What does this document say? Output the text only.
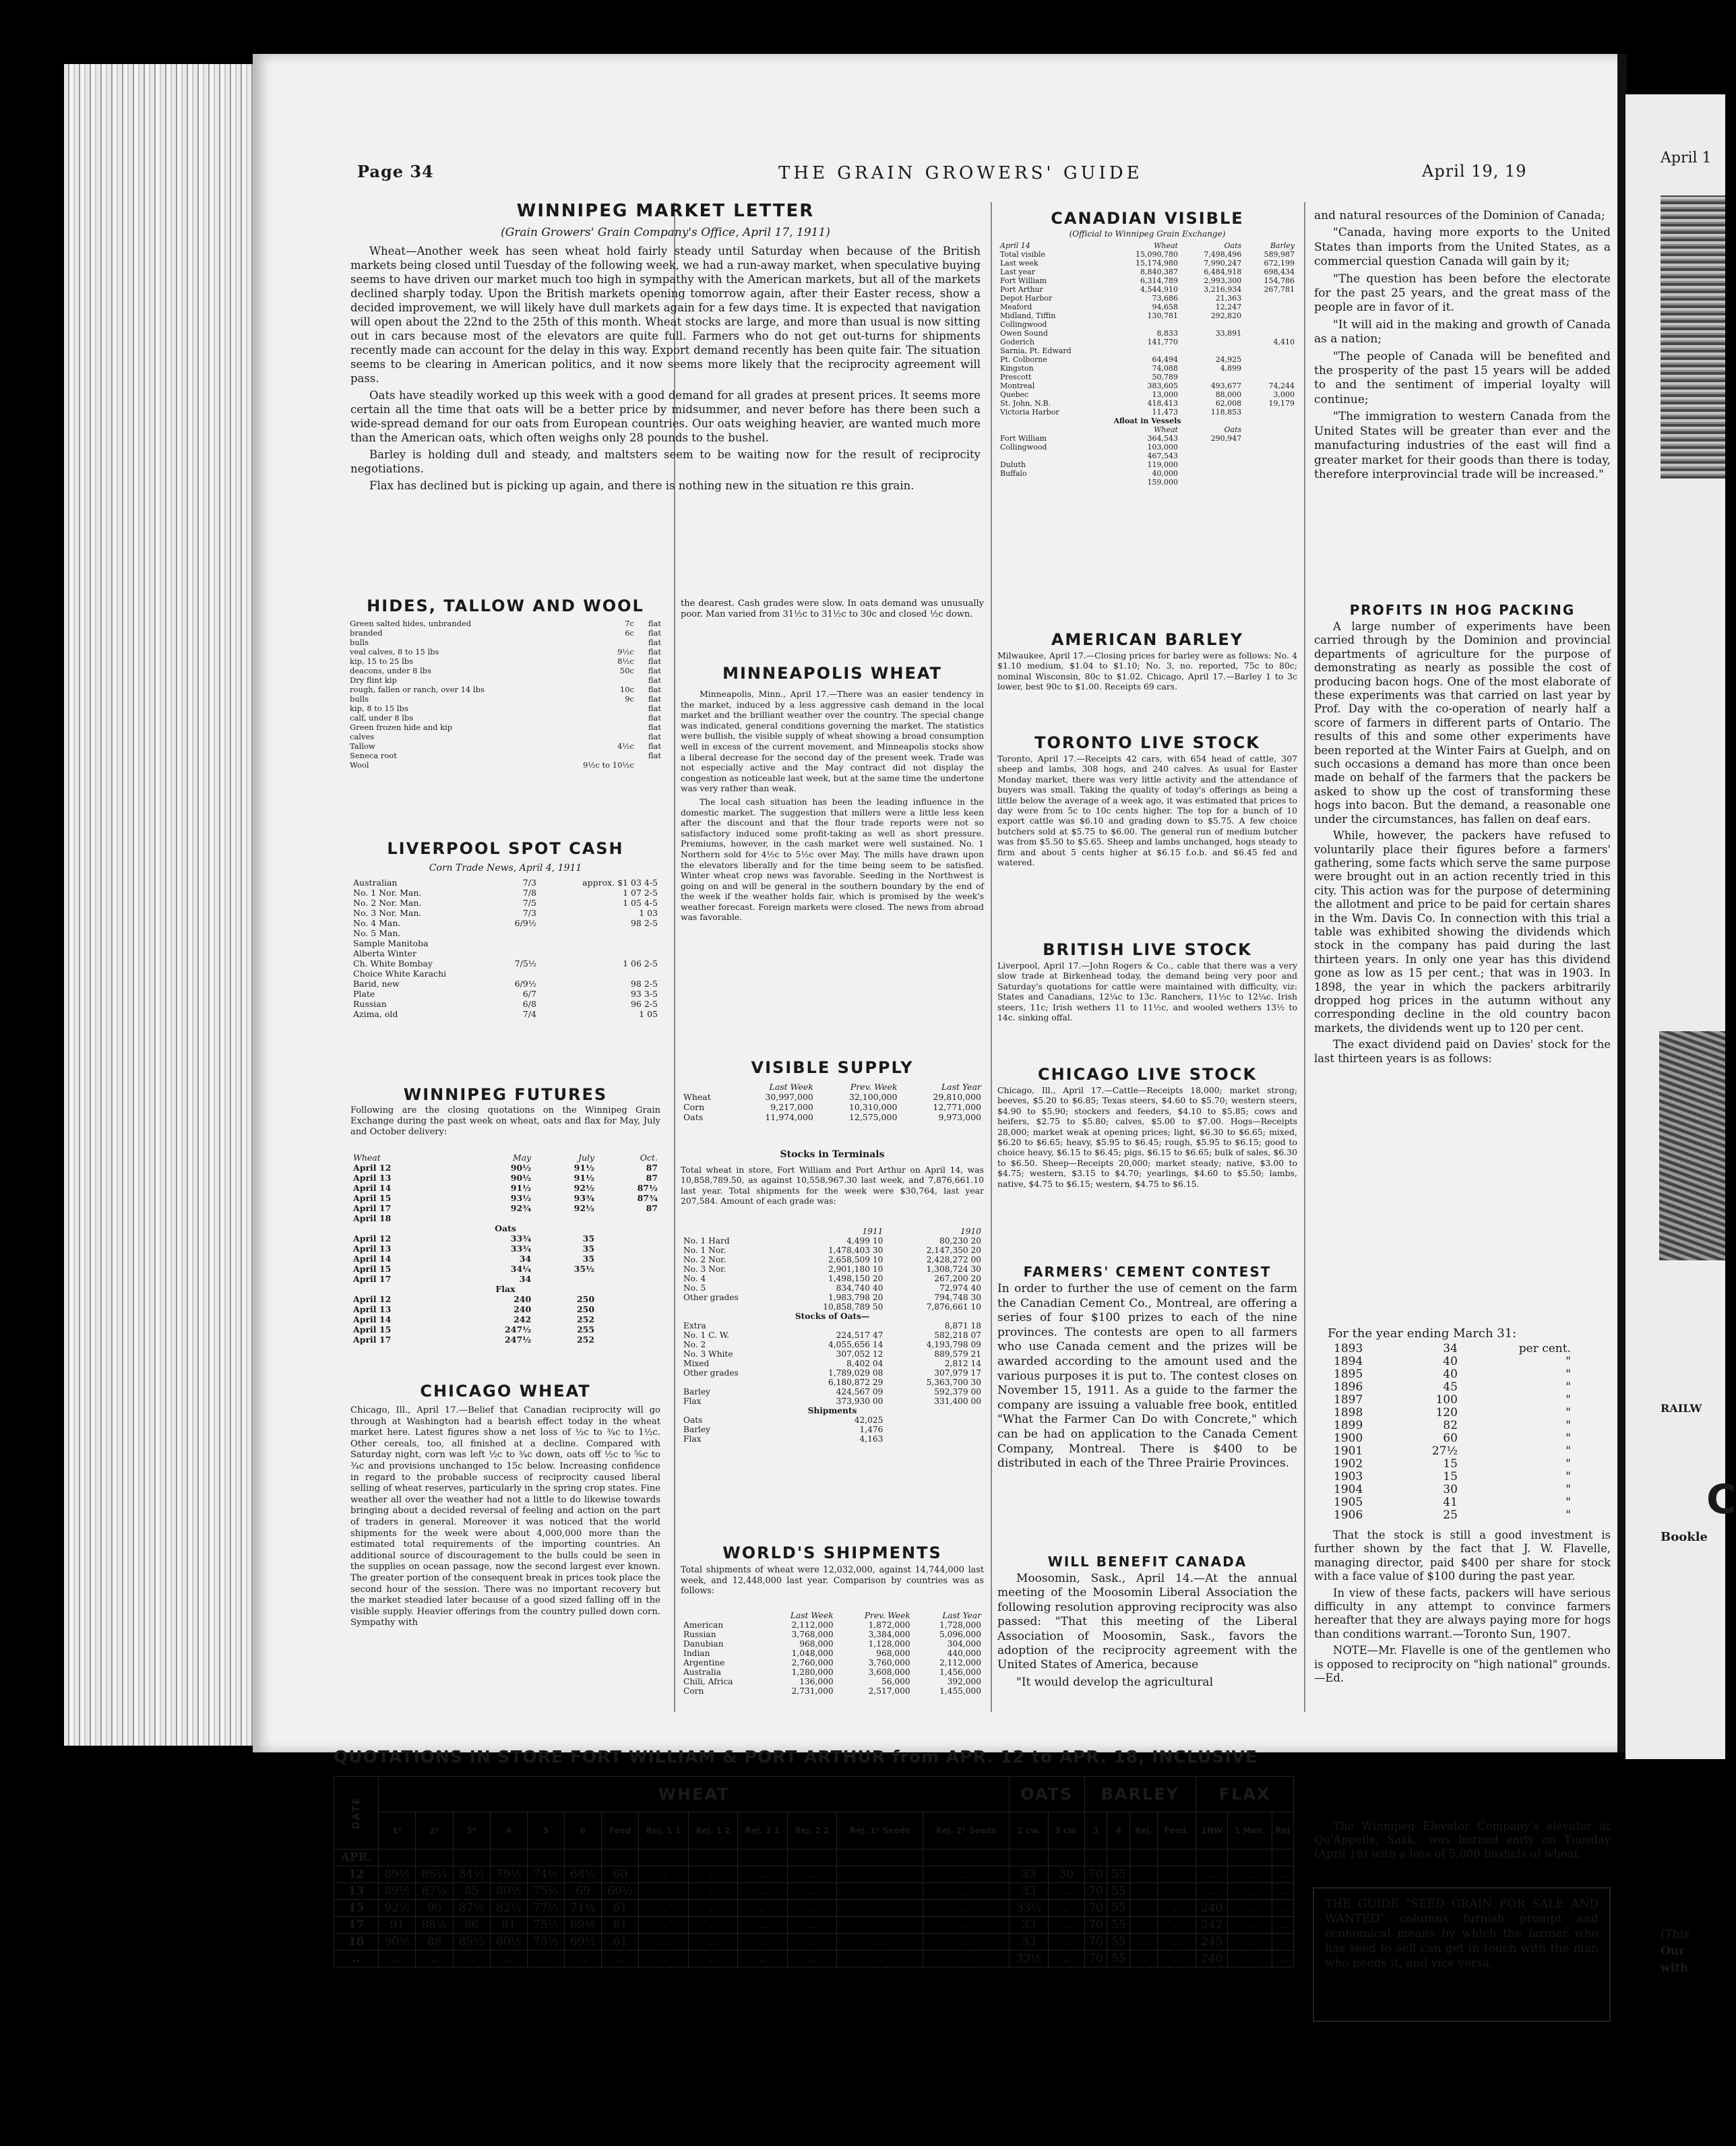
April 1
RAILW
C
Bookle
(This
Our
with
Page 34	THE GRAIN GROWERS' GUIDE	April 19, 19
WINNIPEG MARKET LETTER
(Grain Growers' Grain Company's Office, April 17, 1911)

Wheat—Another week has seen wheat hold fairly steady until Saturday when because of the British markets being closed until Tuesday of the following week, we had a run-away market, when speculative buying seems to have driven our market much too high in sympathy with the American markets, but all of the markets declined sharply today. Upon the British markets opening tomorrow again, after their Easter recess, show a decided improvement, we will likely have dull markets again for a few days time. It is expected that navigation will open about the 22nd to the 25th of this month. Wheat stocks are large, and more than usual is now sitting out in cars because most of the elevators are quite full. Farmers who do not get out-turns for shipments recently made can account for the delay in this way. Export demand recently has been quite fair. The situation seems to be clearing in American politics, and it now seems more likely that the reciprocity agreement will pass.

Oats have steadily worked up this week with a good demand for all grades at present prices. It seems more certain all the time that oats will be a better price by midsummer, and never before has there been such a wide-spread demand for our oats from European countries. Our oats weighing heavier, are wanted much more than the American oats, which often weighs only 28 pounds to the bushel.

Barley is holding dull and steady, and maltsters seem to be waiting now for the result of reciprocity negotiations.

Flax has declined but is picking up again, and there is nothing new in the situation re this grain.

HIDES, TALLOW AND WOOL
Green salted hides, unbranded	7c	flat
branded	6c	flat
bulls		flat
veal calves, 8 to 15 lbs	9½c	flat
kip, 15 to 25 lbs	8½c	flat
deacons, under 8 lbs	50c	flat
Dry flint kip		flat
rough, fallen or ranch, over 14 lbs	10c	flat
bulls	9c	flat
kip, 8 to 15 lbs		flat
calf, under 8 lbs		flat
Green frozen hide and kip		flat
calves		flat
Tallow	4½c	flat
Seneca root		flat
Wool	9½c to 10½c	
LIVERPOOL SPOT CASH
Corn Trade News, April 4, 1911
Australian	7/3	approx. $1 03 4-5
No. 1 Nor. Man.	7/8	1 07 2-5
No. 2 Nor. Man.	7/5	1 05 4-5
No. 3 Nor. Man.	7/3	1 03
No. 4 Man.	6/9½	98 2-5
No. 5 Man.		
Sample Manitoba		
Alberta Winter		
Ch. White Bombay	7/5½	1 06 2-5
Choice White Karachi		
Barid, new	6/9½	98 2-5
Plate	6/7	93 3-5
Russian	6/8	96 2-5
Azima, old	7/4	1 05
WINNIPEG FUTURES
Following are the closing quotations on the Winnipeg Grain Exchange during the past week on wheat, oats and flax for May, July and October delivery:
Wheat	May	July	Oct.
April 12	90½	91½	87
April 13	90½	91½	87
April 14	91½	92½	87½
April 15	93½	93¾	87¾
April 17	92¾	92½	87
April 18			
Oats			
April 12	33¾	35	
April 13	33¾	35	
April 14	34	35	
April 15	34¼	35½	
April 17	34		
Flax			
April 12	240	250	
April 13	240	250	
April 14	242	252	
April 15	247½	255	
April 17	247½	252	
CHICAGO WHEAT
Chicago, Ill., April 17.—Belief that Canadian reciprocity will go through at Washington had a bearish effect today in the wheat market here. Latest figures show a net loss of ½c to ¾c to 1½c. Other cereals, too, all finished at a decline. Compared with Saturday night, corn was left ½c to ¾c down, oats off ½c to ⅝c to ¾c and provisions unchanged to 15c below. Increasing confidence in regard to the probable success of reciprocity caused liberal selling of wheat reserves, particularly in the spring crop states. Fine weather all over the weather had not a little to do likewise towards bringing about a decided reversal of feeling and action on the part of traders in general. Moreover it was noticed that the world shipments for the week were about 4,000,000 more than the estimated total requirements of the importing countries. An additional source of discouragement to the bulls could be seen in the supplies on ocean passage, now the second largest ever known. The greater portion of the consequent break in prices took place the second hour of the session. There was no important recovery but the market steadied later because of a good sized falling off in the visible supply. Heavier offerings from the country pulled down corn. Sympathy with
the dearest. Cash grades were slow. In oats demand was unusually poor. Man varied from 31½c to 31½c to 30c and closed ½c down.
MINNEAPOLIS WHEAT

Minneapolis, Minn., April 17.—There was an easier tendency in the market, induced by a less aggressive cash demand in the local market and the brilliant weather over the country. The special change was indicated, general conditions governing the market. The statistics were bullish, the visible supply of wheat showing a broad consumption well in excess of the current movement, and Minneapolis stocks show a liberal decrease for the second day of the present week. Trade was not especially active and the May contract did not display the congestion as noticeable last week, but at the same time the undertone was very rather than weak.

The local cash situation has been the leading influence in the domestic market. The suggestion that millers were a little less keen after the discount and that the flour trade reports were not so satisfactory induced some profit-taking as well as short pressure. Premiums, however, in the cash market were well sustained. No. 1 Northern sold for 4½c to 5½c over May. The mills have drawn upon the elevators liberally and for the time being seem to be satisfied. Winter wheat crop news was favorable. Seeding in the Northwest is going on and will be general in the southern boundary by the end of the week if the weather holds fair, which is promised by the week's weather forecast. Foreign markets were closed. The news from abroad was favorable.

VISIBLE SUPPLY
	Last Week	Prev. Week	Last Year
Wheat	30,997,000	32,100,000	29,810,000
Corn	9,217,000	10,310,000	12,771,000
Oats	11,974,000	12,575,000	9,973,000
Stocks in Terminals
Total wheat in store, Fort William and Port Arthur on April 14, was 10,858,789.50, as against 10,558,967.30 last week, and 7,876,661.10 last year. Total shipments for the week were $30,764, last year 207,584. Amount of each grade was:
	1911	1910
No. 1 Hard	4,499 10	80,230 20
No. 1 Nor.	1,478,403 30	2,147,350 20
No. 2 Nor.	2,658,509 10	2,428,272 00
No. 3 Nor.	2,901,180 10	1,308,724 30
No. 4	1,498,150 20	267,200 20
No. 5	834,740 40	72,974 40
Other grades	1,983,798 20	794,748 30
	10,858,789 50	7,876,661 10
Stocks of Oats—		
Extra		8,871 18
No. 1 C. W.	224,517 47	582,218 07
No. 2	4,055,656 14	4,193,798 09
No. 3 White	307,052 12	889,579 21
Mixed	8,402 04	2,812 14
Other grades	1,789,029 08	307,979 17
	6,180,872 29	5,363,700 30
Barley	424,567 09	592,379 00
Flax	373,930 00	331,400 00
Shipments		
Oats	42,025	
Barley	1,476	
Flax	4,163	
WORLD'S SHIPMENTS
Total shipments of wheat were 12,032,000, against 14,744,000 last week, and 12,448,000 last year. Comparison by countries was as follows:
	Last Week	Prev. Week	Last Year
American	2,112,000	1,872,000	1,728,000
Russian	3,768,000	3,384,000	5,096,000
Danubian	968,000	1,128,000	304,000
Indian	1,048,000	968,000	440,000
Argentine	2,760,000	3,760,000	2,112,000
Australia	1,280,000	3,608,000	1,456,000
Chili, Africa	136,000	56,000	392,000
Corn	2,731,000	2,517,000	1,455,000
CANADIAN VISIBLE
(Official to Winnipeg Grain Exchange)
April 14	Wheat	Oats	Barley
Total visible	15,090,780	7,498,496	589,987
Last week	15,174,980	7,990,247	672,199
Last year	8,840,387	6,484,918	698,434
Fort William	6,314,789	2,993,300	154,786
Port Arthur	4,544,910	3,216,934	267,781
Depot Harbor	73,686	21,363	
Meaford	94,658	12,247	
Midland, Tiffin	130,781	292,820	
Collingwood			
Owen Sound	8,833	33,891	
Goderich	141,770		4,410
Sarnia, Pt. Edward			
Pt. Colborne	64,494	24,925	
Kingston	74,088	4,899	
Prescott	50,789		
Montreal	383,605	493,677	74,244
Quebec	13,000	88,000	3,000
St. John, N.B.	418,413	62,008	19,179
Victoria Harbor	11,473	118,853	
Afloat in Vessels			
	Wheat	Oats	
Fort William	364,543	290,947	
Collingwood	103,000		
	467,543		
Duluth	119,000		
Buffalo	40,000		
	159,000		
AMERICAN BARLEY
Milwaukee, April 17.—Closing prices for barley were as follows: No. 4 $1.10 medium, $1.04 to $1.10; No. 3, no. reported, 75c to 80c; nominal Wisconsin, 80c to $1.02. Chicago, April 17.—Barley 1 to 3c lower, best 90c to $1.00. Receipts 69 cars.
TORONTO LIVE STOCK
Toronto, April 17.—Receipts 42 cars, with 654 head of cattle, 307 sheep and lambs, 308 hogs, and 240 calves. As usual for Easter Monday market, there was very little activity and the attendance of buyers was small. Taking the quality of today's offerings as being a little below the average of a week ago, it was estimated that prices to day were from 5c to 10c cents higher. The top for a bunch of 10 export cattle was $6.10 and grading down to $5.75. A few choice butchers sold at $5.75 to $6.00. The general run of medium butcher was from $5.50 to $5.65. Sheep and lambs unchanged, hogs steady to firm and about 5 cents higher at $6.15 f.o.b. and $6.45 fed and watered.
BRITISH LIVE STOCK
Liverpool, April 17.—John Rogers & Co., cable that there was a very slow trade at Birkenhead today, the demand being very poor and Saturday's quotations for cattle were maintained with difficulty, viz: States and Canadians, 12¼c to 13c. Ranchers, 11½c to 12¼c. Irish steers, 11c; Irish wethers 11 to 11½c, and wooled wethers 13½ to 14c. sinking offal.
CHICAGO LIVE STOCK
Chicago, Ill., April 17.—Cattle—Receipts 18,000; market strong; beeves, $5.20 to $6.85; Texas steers, $4.60 to $5.70; western steers, $4.90 to $5.90; stockers and feeders, $4.10 to $5.85; cows and heifers, $2.75 to $5.80; calves, $5.00 to $7.00. Hogs—Receipts 28,000; market weak at opening prices; light, $6.30 to $6.65; mixed, $6.20 to $6.65; heavy, $5.95 to $6.45; rough, $5.95 to $6.15; good to choice heavy, $6.15 to $6.45; pigs, $6.15 to $6.65; bulk of sales, $6.30 to $6.50. Sheep—Receipts 20,000; market steady; native, $3.00 to $4.75; western, $3.15 to $4.70; yearlings, $4.60 to $5.50; lambs, native, $4.75 to $6.15; western, $4.75 to $6.15.
FARMERS' CEMENT CONTEST
In order to further the use of cement on the farm the Canadian Cement Co., Montreal, are offering a series of four $100 prizes to each of the nine provinces. The contests are open to all farmers who use Canada cement and the prizes will be awarded according to the amount used and the various purposes it is put to. The contest closes on November 15, 1911. As a guide to the farmer the company are issuing a valuable free book, entitled "What the Farmer Can Do with Concrete," which can be had on application to the Canada Cement Company, Montreal. There is $400 to be distributed in each of the Three Prairie Provinces.
WILL BENEFIT CANADA

Moosomin, Sask., April 14.—At the annual meeting of the Moosomin Liberal Association the following resolution approving reciprocity was also passed: "That this meeting of the Liberal Association of Moosomin, Sask., favors the adoption of the reciprocity agreement with the United States of America, because

"It would develop the agricultural

and natural resources of the Dominion of Canada;

"Canada, having more exports to the United States than imports from the United States, as a commercial question Canada will gain by it;

"The question has been before the electorate for the past 25 years, and the great mass of the people are in favor of it.

"It will aid in the making and growth of Canada as a nation;

"The people of Canada will be benefited and the prosperity of the past 15 years will be added to and the sentiment of imperial loyalty will continue;

"The immigration to western Canada from the United States will be greater than ever and the manufacturing industries of the east will find a greater market for their goods than there is today, therefore interprovincial trade will be increased."

PROFITS IN HOG PACKING

A large number of experiments have been carried through by the Dominion and provincial departments of agriculture for the purpose of demonstrating as nearly as possible the cost of producing bacon hogs. One of the most elaborate of these experiments was that carried on last year by Prof. Day with the co-operation of nearly half a score of farmers in different parts of Ontario. The results of this and some other experiments have been reported at the Winter Fairs at Guelph, and on such occasions a demand has more than once been made on behalf of the farmers that the packers be asked to show up the cost of transforming these hogs into bacon. But the demand, a reasonable one under the circumstances, has fallen on deaf ears.

While, however, the packers have refused to voluntarily place their figures before a farmers' gathering, some facts which serve the same purpose were brought out in an action recently tried in this city. This action was for the purpose of determining the allotment and price to be paid for certain shares in the Wm. Davis Co. In connection with this trial a table was exhibited showing the dividends which stock in the company has paid during the last thirteen years. In only one year has this dividend gone as low as 15 per cent.; that was in 1903. In 1898, the year in which the packers arbitrarily dropped hog prices in the autumn without any corresponding decline in the old country bacon markets, the dividends went up to 120 per cent.

The exact dividend paid on Davies' stock for the last thirteen years is as follows:

For the year ending March 31:
1893	34	per cent.
1894	40	"
1895	40	"
1896	45	"
1897	100	"
1898	120	"
1899	82	"
1900	60	"
1901	27½	"
1902	15	"
1903	15	"
1904	30	"
1905	41	"
1906	25	"

That the stock is still a good investment is further shown by the fact that J. W. Flavelle, managing director, paid $400 per share for stock with a face value of $100 during the past year.

In view of these facts, packers will have serious difficulty in any attempt to convince farmers hereafter that they are always paying more for hogs than conditions warrant.—Toronto Sun, 1907.

NOTE—Mr. Flavelle is one of the gentlemen who is opposed to reciprocity on "high national" grounds.—Ed.

The Winnipeg Elevator Company's elevator at Qu'Appelle, Sask., was burned early on Tuesday (April 18) with a loss of 5,000 bushels of wheat.

THE GUIDE "SEED GRAIN FOR SALE AND WANTED" columns furnish prompt and economical means by which the farmer who has seed to sell can get in touch with the man who needs it, and vice versa.
QUOTATIONS IN STORE FORT WILLIAM & PORT ARTHUR from APR. 12 to APR. 18, INCLUSIVE
DATE	WHEAT													OATS		BARLEY				FLAX		
	1*	2*	3*	4	5	6	Feed	Rej. 1 1	Rej. 1 2	Rej. 2 1	Rej. 2 2	Rej. 1* Seeds	Rej. 2* Seeds	2 cw.	3 cw.	3	4	Rej.	Feed.	1NW	1 Man.	Rej
APR.																						
12	89½	86½	84½	79½	74½	68½	60	..	..	..	..	..	..	33	30	70	55	..	..	..	..	..
13	89½	87½	85	80½	75½	69	60½	..	..	..	..	..	..	33	..	70	55	..	..	..	..	..
15	92½	90	87½	82½	77½	71½	61	..	..	..	..	..	..	33½	..	70	55	..	..	240	..	..
17	91	88½	86	81	75½	69½	61	..	..	..	..	..	..	33	..	70	55	..	..	242	..	..
18	90½	88	85½	80½	75½	69½	61	..	..	..	..	..	..	33	..	70	55	..	..	245	..	..
..	..	..	..	..	..	..	..	..	..	..	..	..	..	33½	..	70	55	..	..	240	..	..
